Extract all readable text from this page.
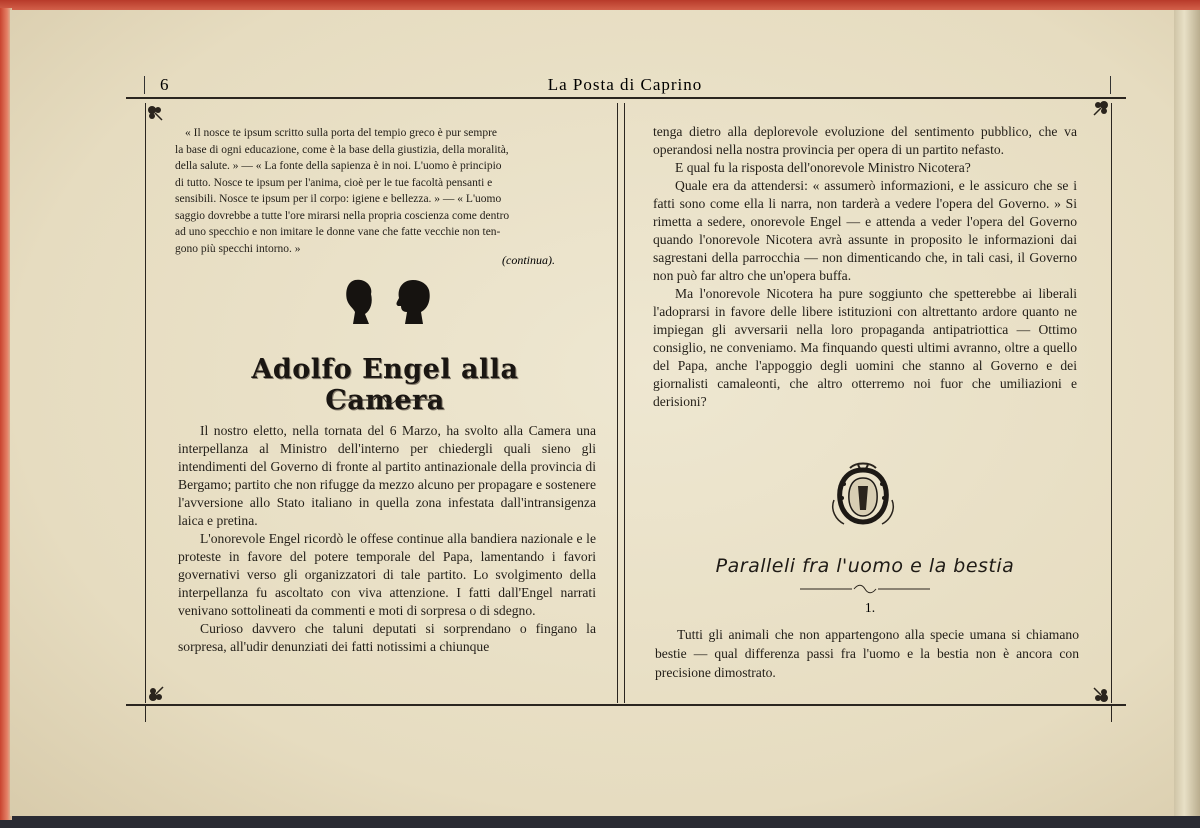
6	La Posta di Caprino

« Il nosce te ipsum scritto sulla porta del tempio greco è pur sempre

la base di ogni educazione, come è la base della giustizia, della moralità,

della salute. » — « La fonte della sapienza è in noi. L'uomo è principio

di tutto. Nosce te ipsum per l'anima, cioè per le tue facoltà pensanti e

sensibili. Nosce te ipsum per il corpo: igiene e bellezza. » — « L'uomo

saggio dovrebbe a tutte l'ore mirarsi nella propria coscienza come dentro

ad uno specchio e non imitare le donne vane che fatte vecchie non ten-

gono più specchi intorno. »

(continua).
Adolfo Engel alla Camera

Il nostro eletto, nella tornata del 6 Marzo, ha svolto alla Camera una interpellanza al Ministro dell'interno per chiedergli quali sieno gli intendimenti del Governo di fronte al partito antinazionale della provincia di Bergamo; partito che non rifugge da mezzo alcuno per propagare e sostenere l'avversione allo Stato italiano in quella zona infestata dall'intransigenza laica e pretina.

L'onorevole Engel ricordò le offese continue alla bandiera nazionale e le proteste in favore del potere temporale del Papa, lamentando i favori governativi verso gli organizzatori di tale partito. Lo svolgimento della interpellanza fu ascoltato con viva attenzione. I fatti dall'Engel narrati venivano sottolineati da commenti e moti di sorpresa o di sdegno.

Curioso davvero che taluni deputati si sorprendano o fingano la sorpresa, all'udir denunziati dei fatti notissimi a chiunque

tenga dietro alla deplorevole evoluzione del sentimento pubblico, che va operandosi nella nostra provincia per opera di un partito nefasto.

E qual fu la risposta dell'onorevole Ministro Nicotera?

Quale era da attendersi: « assumerò informazioni, e le assicuro che se i fatti sono come ella li narra, non tarderà a vedere l'opera del Governo. » Si rimetta a sedere, onorevole Engel — e attenda a veder l'opera del Governo quando l'onorevole Nicotera avrà assunte in proposito le informazioni dai sagrestani della parrocchia — non dimenticando che, in tali casi, il Governo non può far altro che un'opera buffa.

Ma l'onorevole Nicotera ha pure soggiunto che spetterebbe ai liberali l'adoprarsi in favore delle libere istituzioni con altrettanto ardore quanto ne impiegan gli avversarii nella loro propaganda antipatriottica — Ottimo consiglio, ne conveniamo. Ma finquando questi ultimi avranno, oltre a quello del Papa, anche l'appoggio degli uomini che stanno al Governo e dei giornalisti camaleonti, che altro otterremo noi fuor che umiliazioni e derisioni?

Paralleli fra l'uomo e la bestia
1.

Tutti gli animali che non appartengono alla specie umana si chiamano bestie — qual differenza passi fra l'uomo e la bestia non è ancora con precisione dimostrato.
